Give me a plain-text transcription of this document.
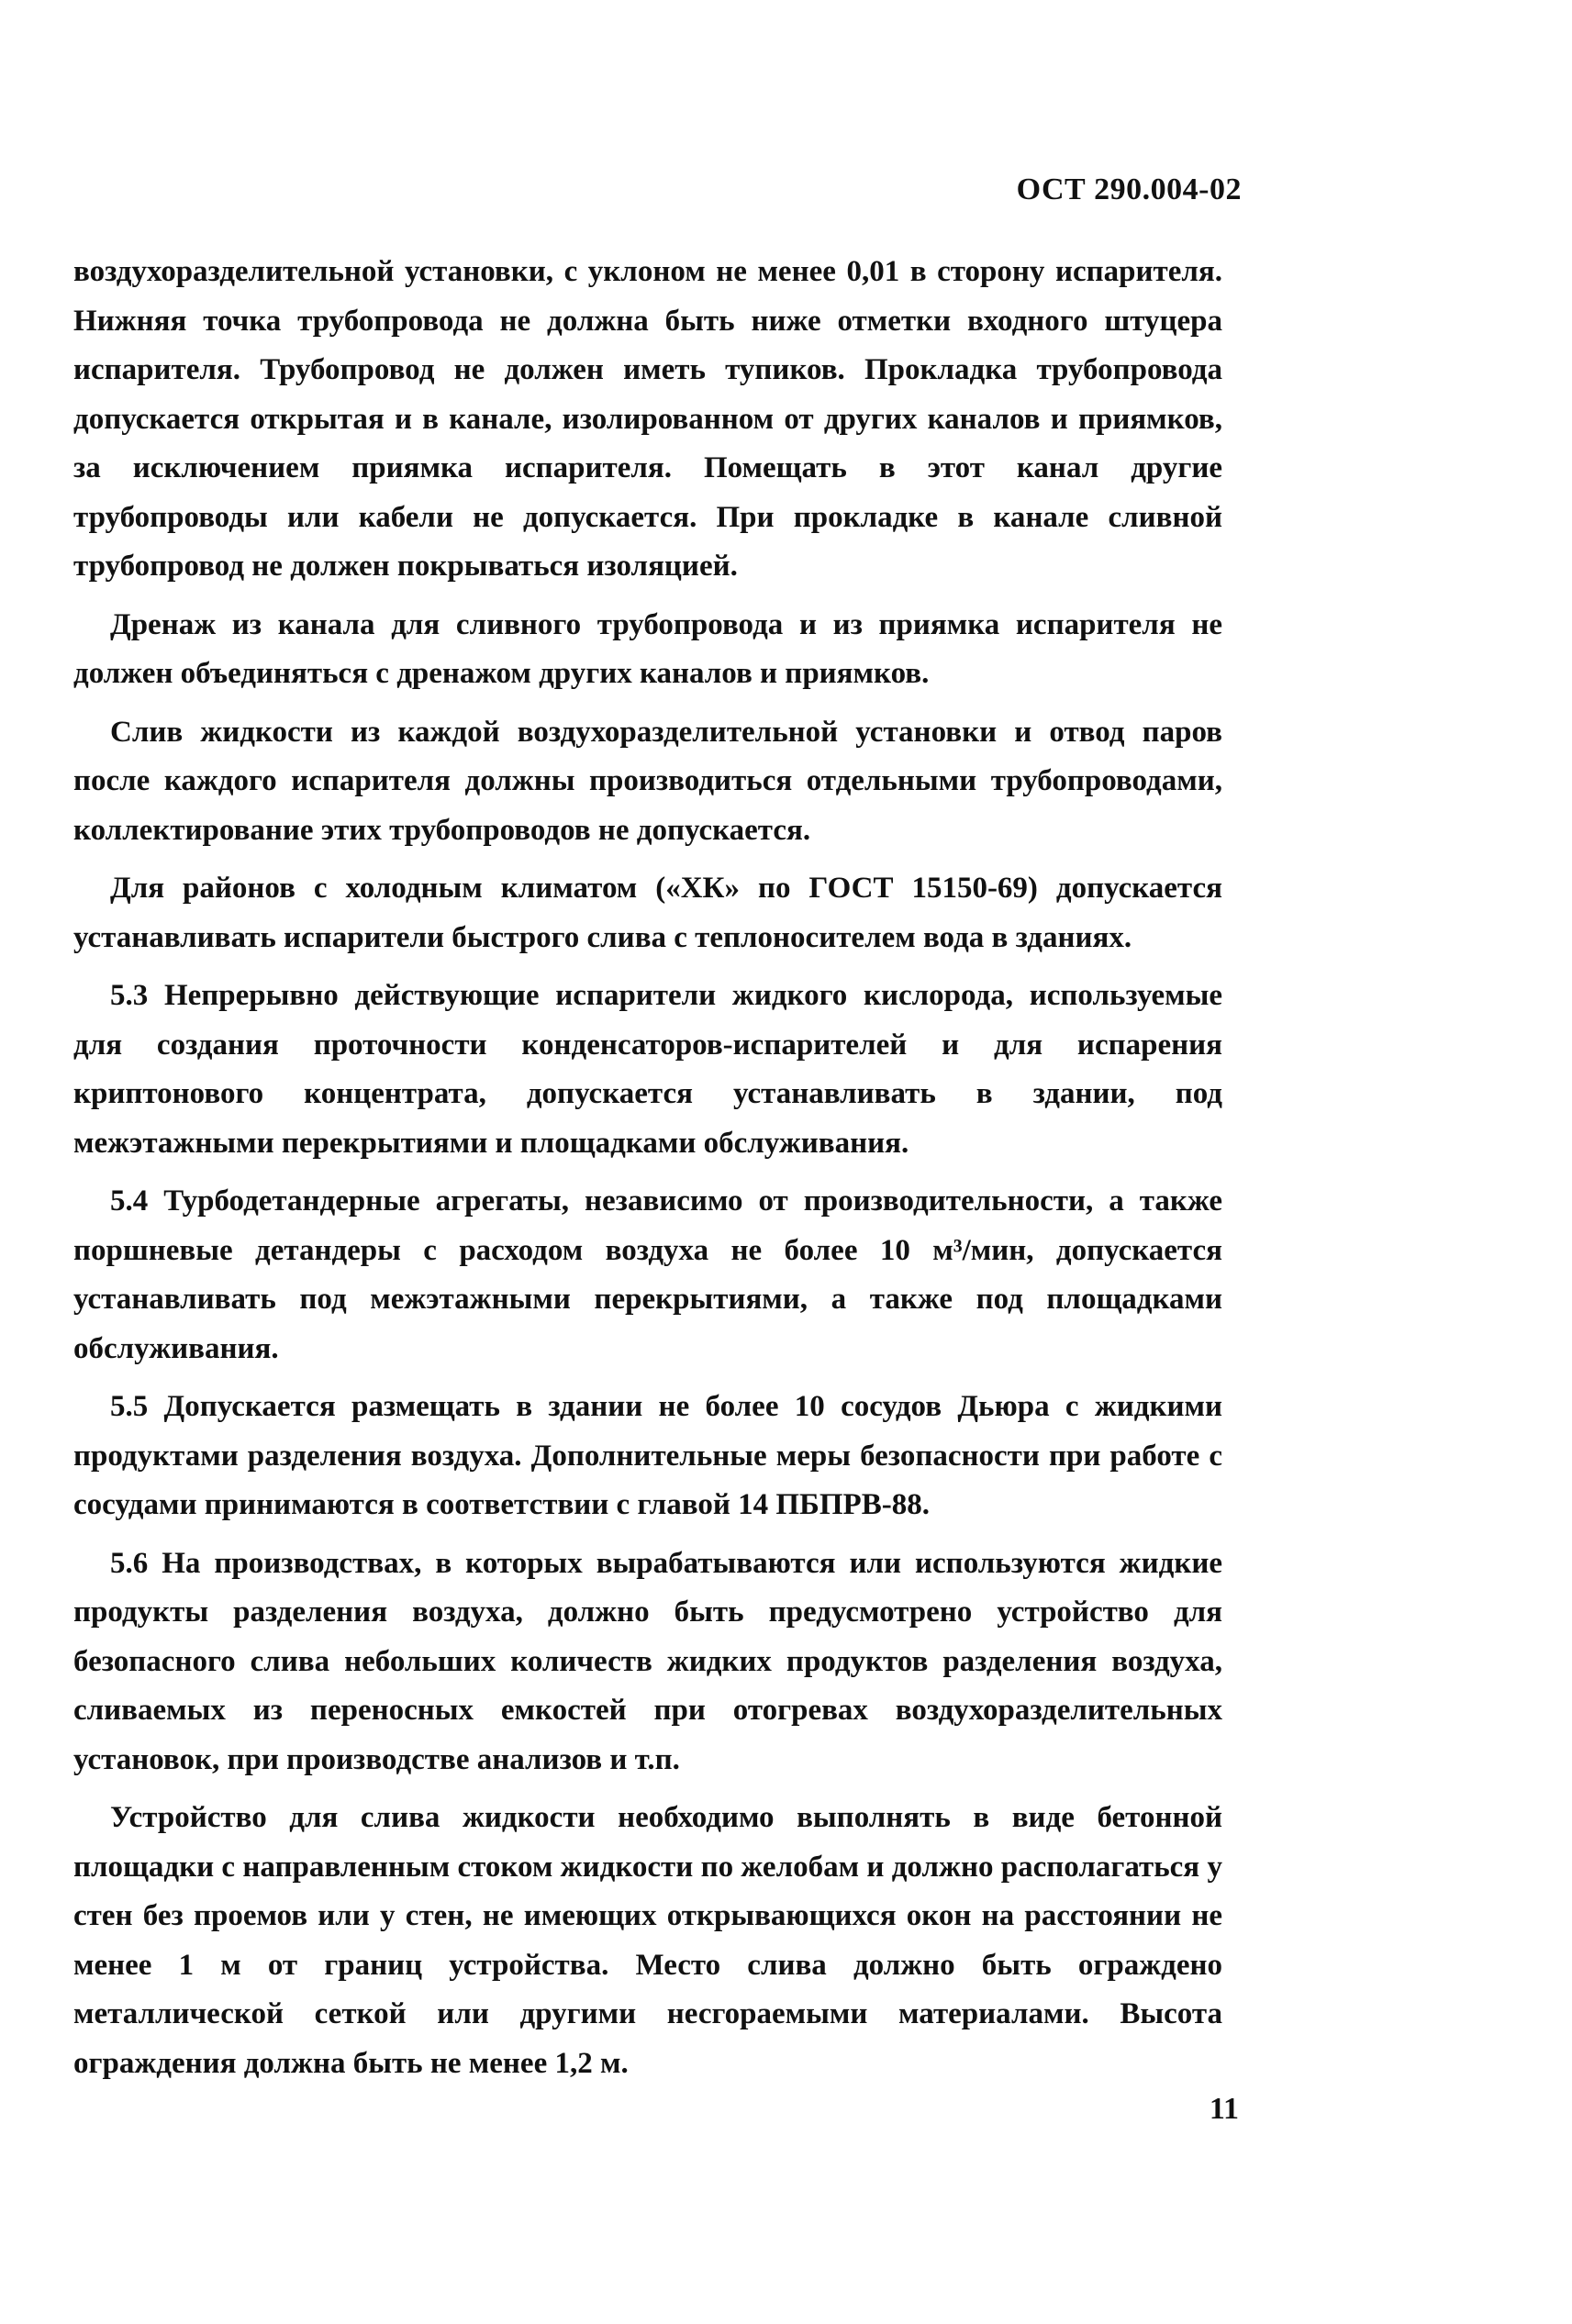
ОСТ 290.004-02

воздухоразделительной установки, с уклоном не менее 0,01 в сторону испарителя. Нижняя точка трубопровода не должна быть ниже отметки входного штуцера испарителя. Трубопровод не должен иметь тупиков. Прокладка трубопровода допускается открытая и в канале, изолированном от других каналов и приямков, за исключением приямка испарителя. Помещать в этот канал другие трубопроводы или кабели не допускается. При прокладке в канале сливной трубопровод не должен покрываться изоляцией.

Дренаж из канала для сливного трубопровода и из приямка испарителя не должен объединяться с дренажом других каналов и приямков.

Слив жидкости из каждой воздухоразделительной установки и отвод паров после каждого испарителя должны производиться отдельными трубопроводами, коллектирование этих трубопроводов не допускается.

Для районов с холодным климатом («ХК» по ГОСТ 15150-69) допускается устанавливать испарители быстрого слива с теплоносителем вода в зданиях.

5.3 Непрерывно действующие испарители жидкого кислорода, используемые для создания проточности конденсаторов-испарителей и для испарения криптонового концентрата, допускается устанавливать в здании, под межэтажными перекрытиями и площадками обслуживания.

5.4 Турбодетандерные агрегаты, независимо от производительности, а также поршневые детандеры с расходом воздуха не более 10 м³/мин, допускается устанавливать под межэтажными перекрытиями, а также под площадками обслуживания.

5.5 Допускается размещать в здании не более 10 сосудов Дьюра с жидкими продуктами разделения воздуха. Дополнительные меры безопасности при работе с сосудами принимаются в соответствии с главой 14 ПБПРВ-88.

5.6 На производствах, в которых вырабатываются или используются жидкие продукты разделения воздуха, должно быть предусмотрено устройство для безопасного слива небольших количеств жидких продуктов разделения воздуха, сливаемых из переносных емкостей при отогревах воздухоразделительных установок, при производстве анализов и т.п.

Устройство для слива жидкости необходимо выполнять в виде бетонной площадки с направленным стоком жидкости по желобам и должно располагаться у стен без проемов или у стен, не имеющих открывающихся окон на расстоянии не менее 1 м от границ устройства. Место слива должно быть ограждено металлической сеткой или другими несгораемыми материалами. Высота ограждения должна быть не менее 1,2 м.

11
